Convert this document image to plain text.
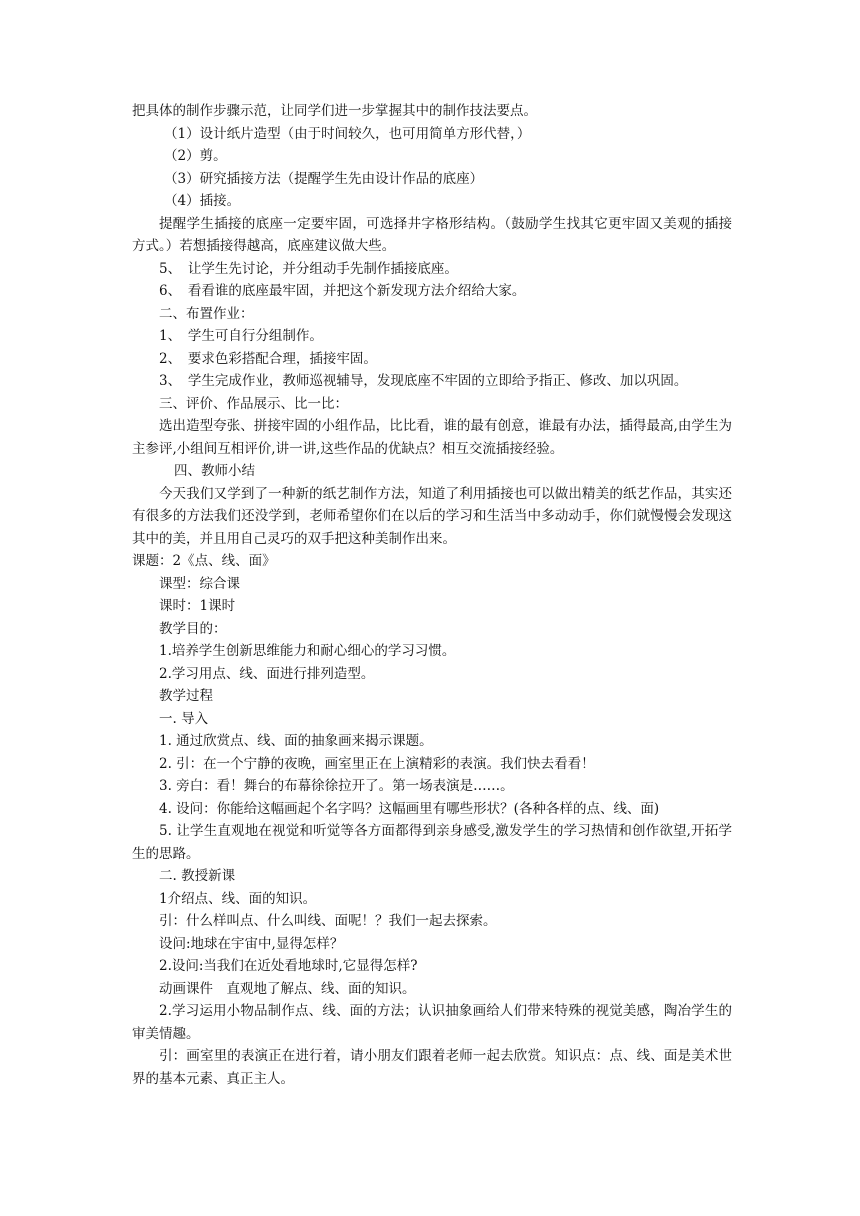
把具体的制作步骤示范，让同学们进一步掌握其中的制作技法要点。

（1）设计纸片造型（由于时间较久，也可用简单方形代替，）

（2）剪。

（3）研究插接方法（提醒学生先由设计作品的底座）

（4）插接。

提醒学生插接的底座一定要牢固，可选择井字格形结构。（鼓励学生找其它更牢固又美观的插接方式。）若想插接得越高，底座建议做大些。

5、　让学生先讨论，并分组动手先制作插接底座。

6、　看看谁的底座最牢固，并把这个新发现方法介绍给大家。

二、布置作业：

1、　学生可自行分组制作。

2、　要求色彩搭配合理，插接牢固。

3、　学生完成作业，教师巡视辅导，发现底座不牢固的立即给予指正、修改、加以巩固。

三、评价、作品展示、比一比：

选出造型夸张、拼接牢固的小组作品，比比看，谁的最有创意，谁最有办法，插得最高,由学生为主参评,小组间互相评价,讲一讲,这些作品的优缺点？相互交流插接经验。

四、教师小结

今天我们又学到了一种新的纸艺制作方法，知道了利用插接也可以做出精美的纸艺作品，其实还有很多的方法我们还没学到，老师希望你们在以后的学习和生活当中多动动手，你们就慢慢会发现这其中的美，并且用自己灵巧的双手把这种美制作出来。

课题：2《点、线、面》

课型：综合课

课时：1课时

教学目的：

1.培养学生创新思维能力和耐心细心的学习习惯。

2.学习用点、线、面进行排列造型。

教学过程

一. 导入

1. 通过欣赏点、线、面的抽象画来揭示课题。

2. 引：在一个宁静的夜晚，画室里正在上演精彩的表演。我们快去看看！

3. 旁白：看！舞台的布幕徐徐拉开了。第一场表演是……。

4. 设问：你能给这幅画起个名字吗？这幅画里有哪些形状？(各种各样的点、线、面)

5. 让学生直观地在视觉和听觉等各方面都得到亲身感受,激发学生的学习热情和创作欲望,开拓学生的思路。

二. 教授新课

1介绍点、线、面的知识。

引：什么样叫点、什么叫线、面呢！？我们一起去探索。

设问:地球在宇宙中,显得怎样？

2.设问:当我们在近处看地球时,它显得怎样?

动画课件　直观地了解点、线、面的知识。

2.学习运用小物品制作点、线、面的方法；认识抽象画给人们带来特殊的视觉美感，陶冶学生的审美情趣。

引：画室里的表演正在进行着，请小朋友们跟着老师一起去欣赏。知识点：点、线、面是美术世界的基本元素、真正主人。
